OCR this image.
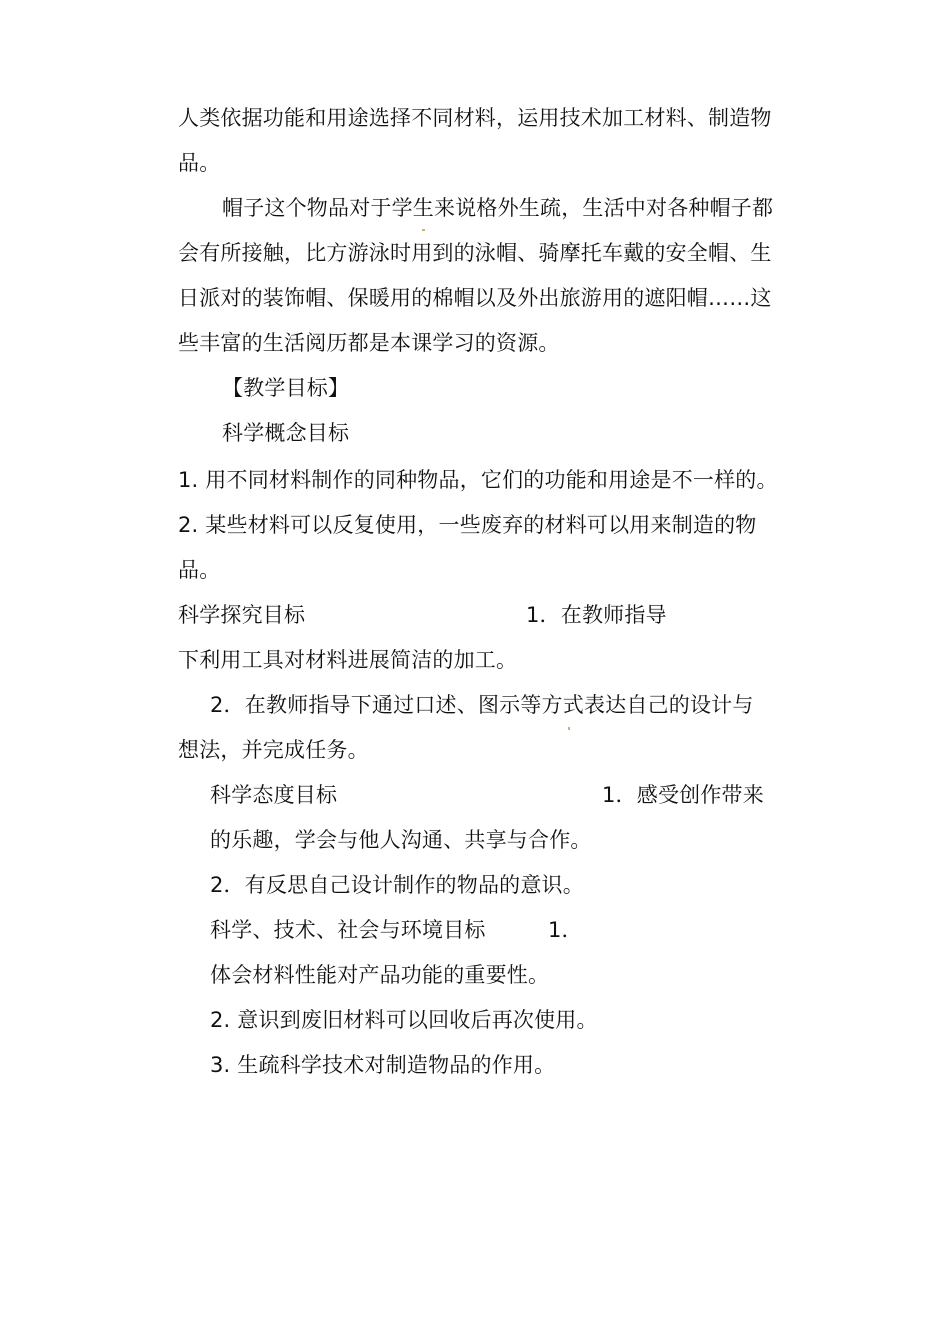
人类依据功能和用途选择不同材料，运用技术加工材料、制造物
品。
帽子这个物品对于学生来说格外生疏，生活中对各种帽子都
会有所接触，比方游泳时用到的泳帽、骑摩托车戴的安全帽、生
日派对的装饰帽、保暖用的棉帽以及外出旅游用的遮阳帽……这
些丰富的生活阅历都是本课学习的资源。
【教学目标】
科学概念目标
1. 用不同材料制作的同种物品，它们的功能和用途是不一样的。
2. 某些材料可以反复使用，一些废弃的材料可以用来制造的物
品。
科学探究目标	1．在教师指导
下利用工具对材料进展简洁的加工。
2．在教师指导下通过口述、图示等方式表达自己的设计与
想法，并完成任务。
科学态度目标	1．感受创作带来
的乐趣，学会与他人沟通、共享与合作。
2．有反思自己设计制作的物品的意识。
科学、技术、社会与环境目标	1．
体会材料性能对产品功能的重要性。
2. 意识到废旧材料可以回收后再次使用。
3. 生疏科学技术对制造物品的作用。
